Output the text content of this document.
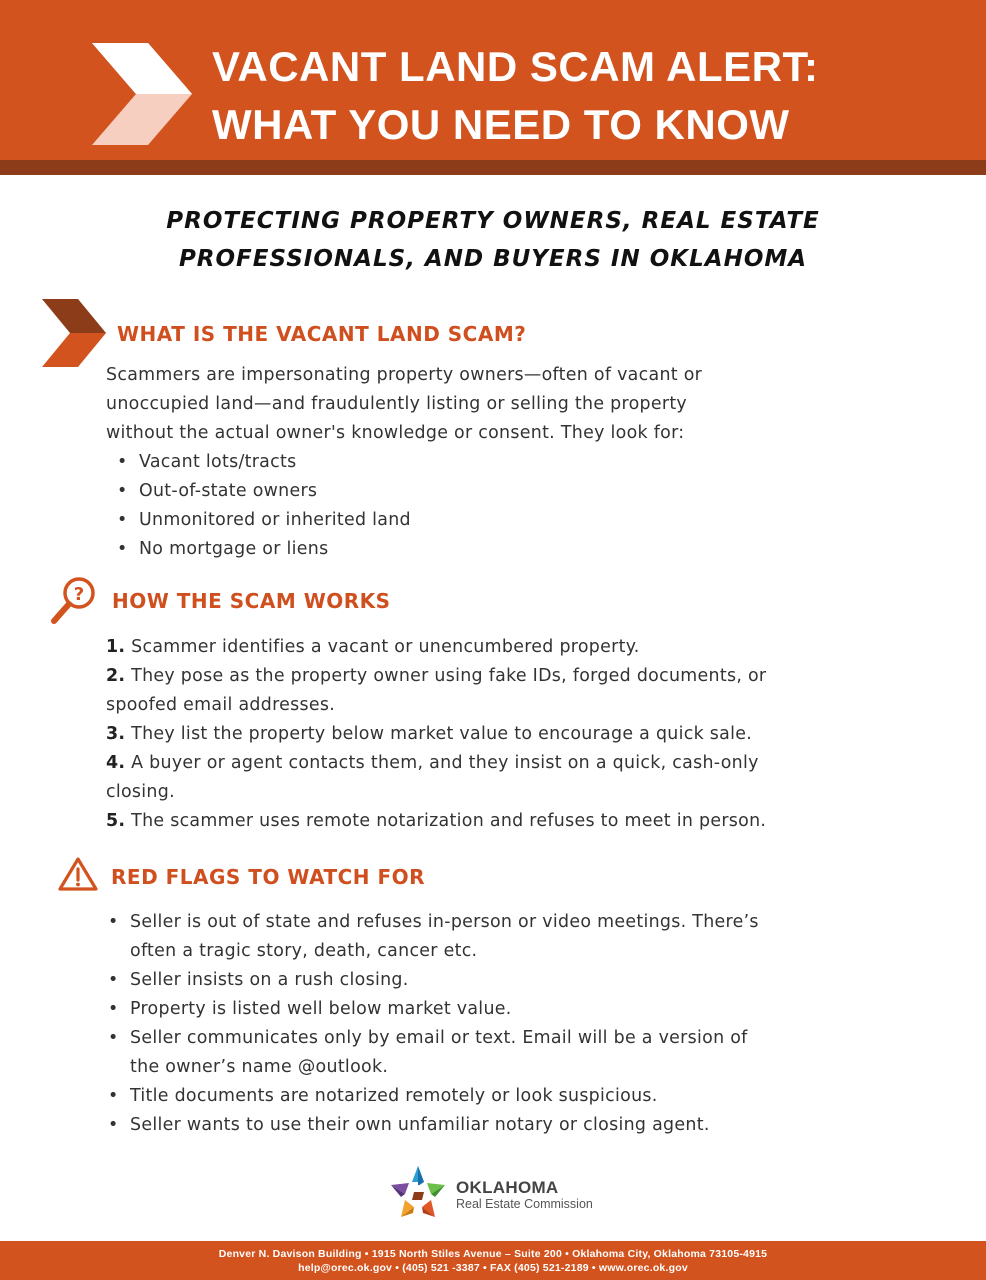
VACANT LAND SCAM ALERT:
WHAT YOU NEED TO KNOW
PROTECTING PROPERTY OWNERS, REAL ESTATE
PROFESSIONALS, AND BUYERS IN OKLAHOMA
WHAT IS THE VACANT LAND SCAM?
Scammers are impersonating property owners—often of vacant or
unoccupied land—and fraudulently listing or selling the property
without the actual owner's knowledge or consent. They look for:
• Vacant lots/tracts
• Out-of-state owners
• Unmonitored or inherited land
• No mortgage or liens
? HOW THE SCAM WORKS
1. Scammer identifies a vacant or unencumbered property.
2. They pose as the property owner using fake IDs, forged documents, or
spoofed email addresses.
3. They list the property below market value to encourage a quick sale.
4. A buyer or agent contacts them, and they insist on a quick, cash-only
closing.
5. The scammer uses remote notarization and refuses to meet in person.
RED FLAGS TO WATCH FOR
• Seller is out of state and refuses in-person or video meetings. There’s
often a tragic story, death, cancer etc.
• Seller insists on a rush closing.
• Property is listed well below market value.
• Seller communicates only by email or text. Email will be a version of
the owner’s name @outlook.
• Title documents are notarized remotely or look suspicious.
• Seller wants to use their own unfamiliar notary or closing agent.
OKLAHOMA
Real Estate Commission
Denver N. Davison Building • 1915 North Stiles Avenue – Suite 200 • Oklahoma City, Oklahoma 73105-4915
help@orec.ok.gov • (405) 521 -3387 • FAX (405) 521-2189 • www.orec.ok.gov
